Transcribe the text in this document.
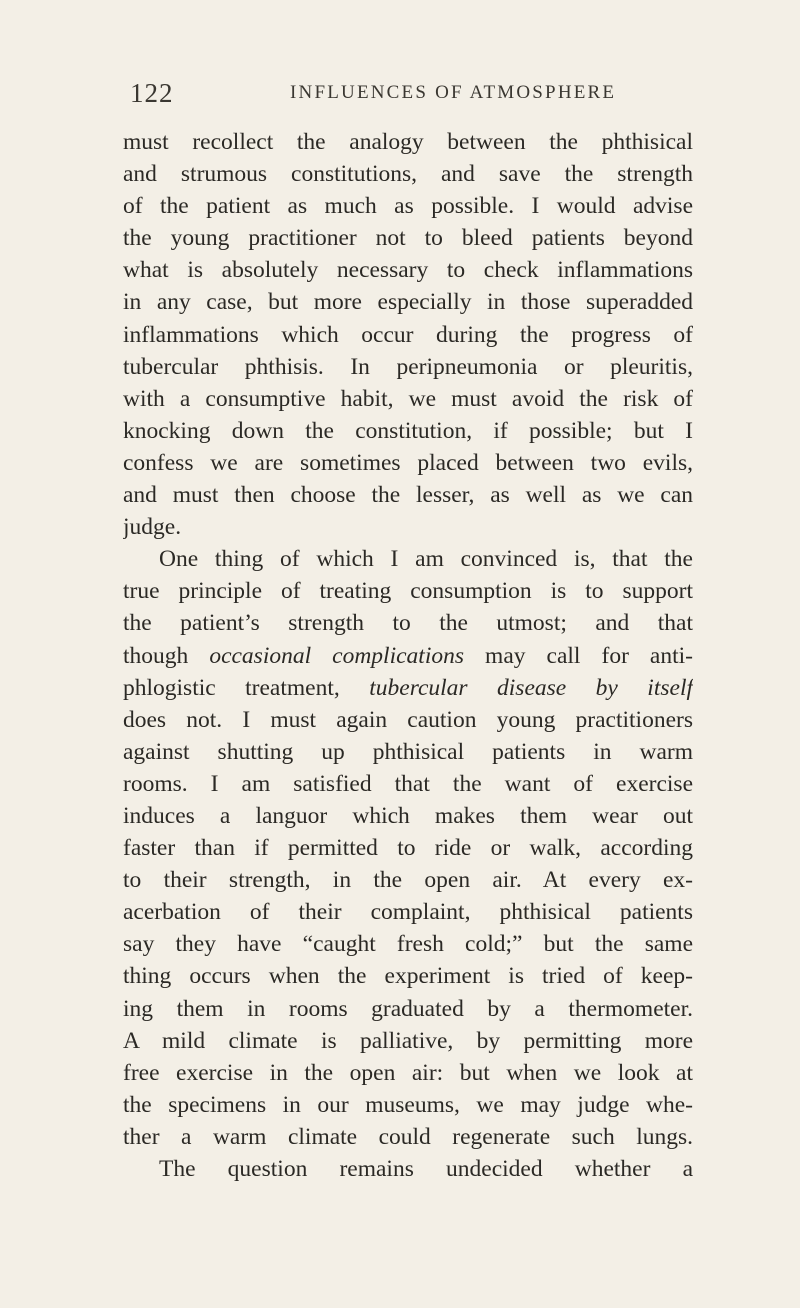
122	INFLUENCES OF ATMOSPHERE
must recollect the analogy between the phthisical
and strumous constitutions, and save the strength
of the patient as much as possible. I would advise
the young practitioner not to bleed patients beyond
what is absolutely necessary to check inflammations
in any case, but more especially in those superadded
inflammations which occur during the progress of
tubercular phthisis. In peripneumonia or pleuritis,
with a consumptive habit, we must avoid the risk of
knocking down the constitution, if possible; but I
confess we are sometimes placed between two evils,
and must then choose the lesser, as well as we can
judge.
One thing of which I am convinced is, that the
true principle of treating consumption is to support
the patient’s strength to the utmost; and that
though occasional complications may call for anti-
phlogistic treatment, tubercular disease by itself
does not. I must again caution young practitioners
against shutting up phthisical patients in warm
rooms. I am satisfied that the want of exercise
induces a languor which makes them wear out
faster than if permitted to ride or walk, according
to their strength, in the open air. At every ex-
acerbation of their complaint, phthisical patients
say they have “caught fresh cold;” but the same
thing occurs when the experiment is tried of keep-
ing them in rooms graduated by a thermometer.
A mild climate is palliative, by permitting more
free exercise in the open air: but when we look at
the specimens in our museums, we may judge whe-
ther a warm climate could regenerate such lungs.
The question remains undecided whether a
